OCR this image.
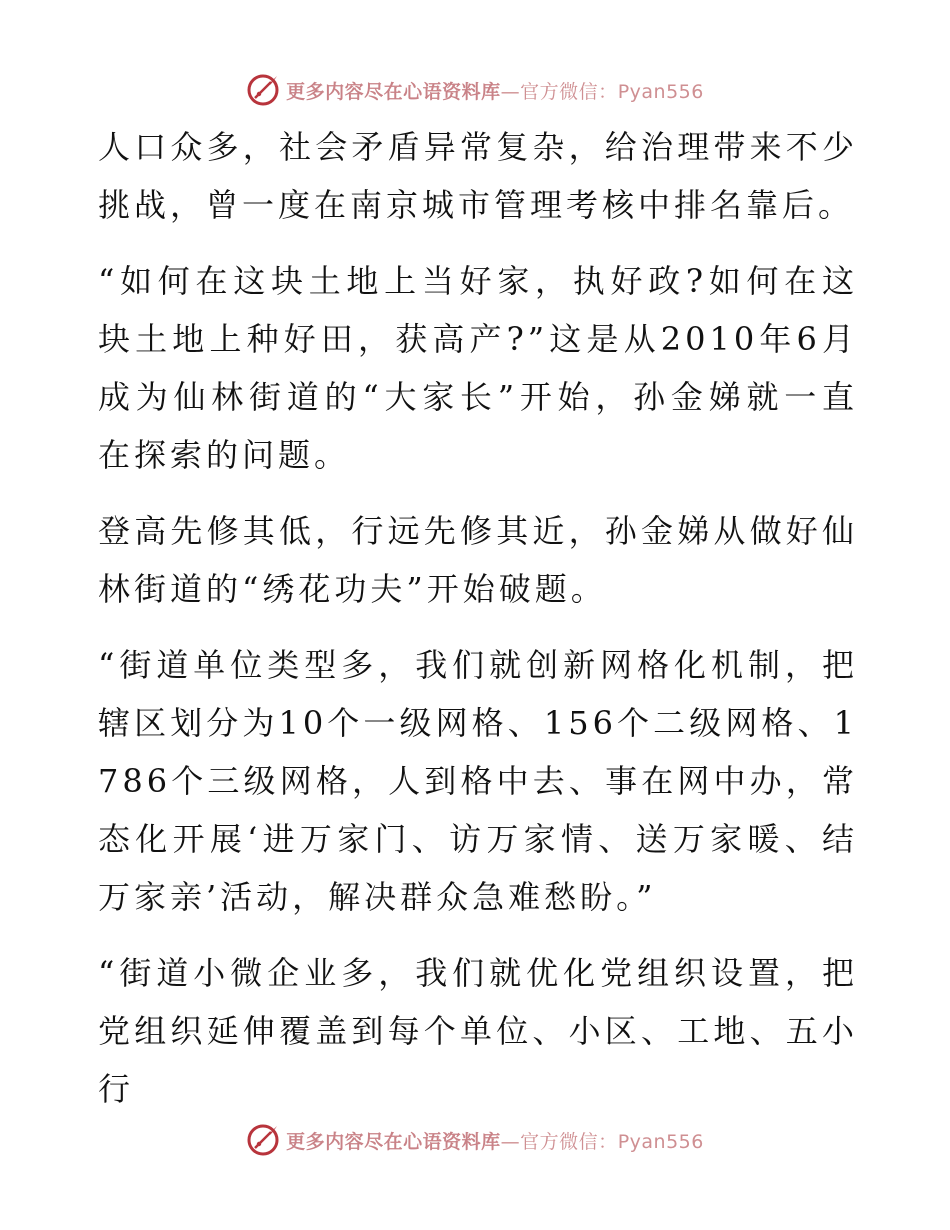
更多内容尽在心语资料库—官方微信：Pyan556

人口众多，社会矛盾异常复杂，给治理带来不少挑战，曾一度在南京城市管理考核中排名靠后。

“如何在这块土地上当好家，执好政?如何在这块土地上种好田，获高产?”这是从2010年6月成为仙林街道的“大家长”开始，孙金娣就一直在探索的问题。

登高先修其低，行远先修其近，孙金娣从做好仙林街道的“绣花功夫”开始破题。

“街道单位类型多，我们就创新网格化机制，把辖区划分为10个一级网格、156个二级网格、1786个三级网格，人到格中去、事在网中办，常态化开展‘进万家门、访万家情、送万家暖、结万家亲’活动，解决群众急难愁盼。”

“街道小微企业多，我们就优化党组织设置，把党组织延伸覆盖到每个单位、小区、工地、五小行

更多内容尽在心语资料库—官方微信：Pyan556
